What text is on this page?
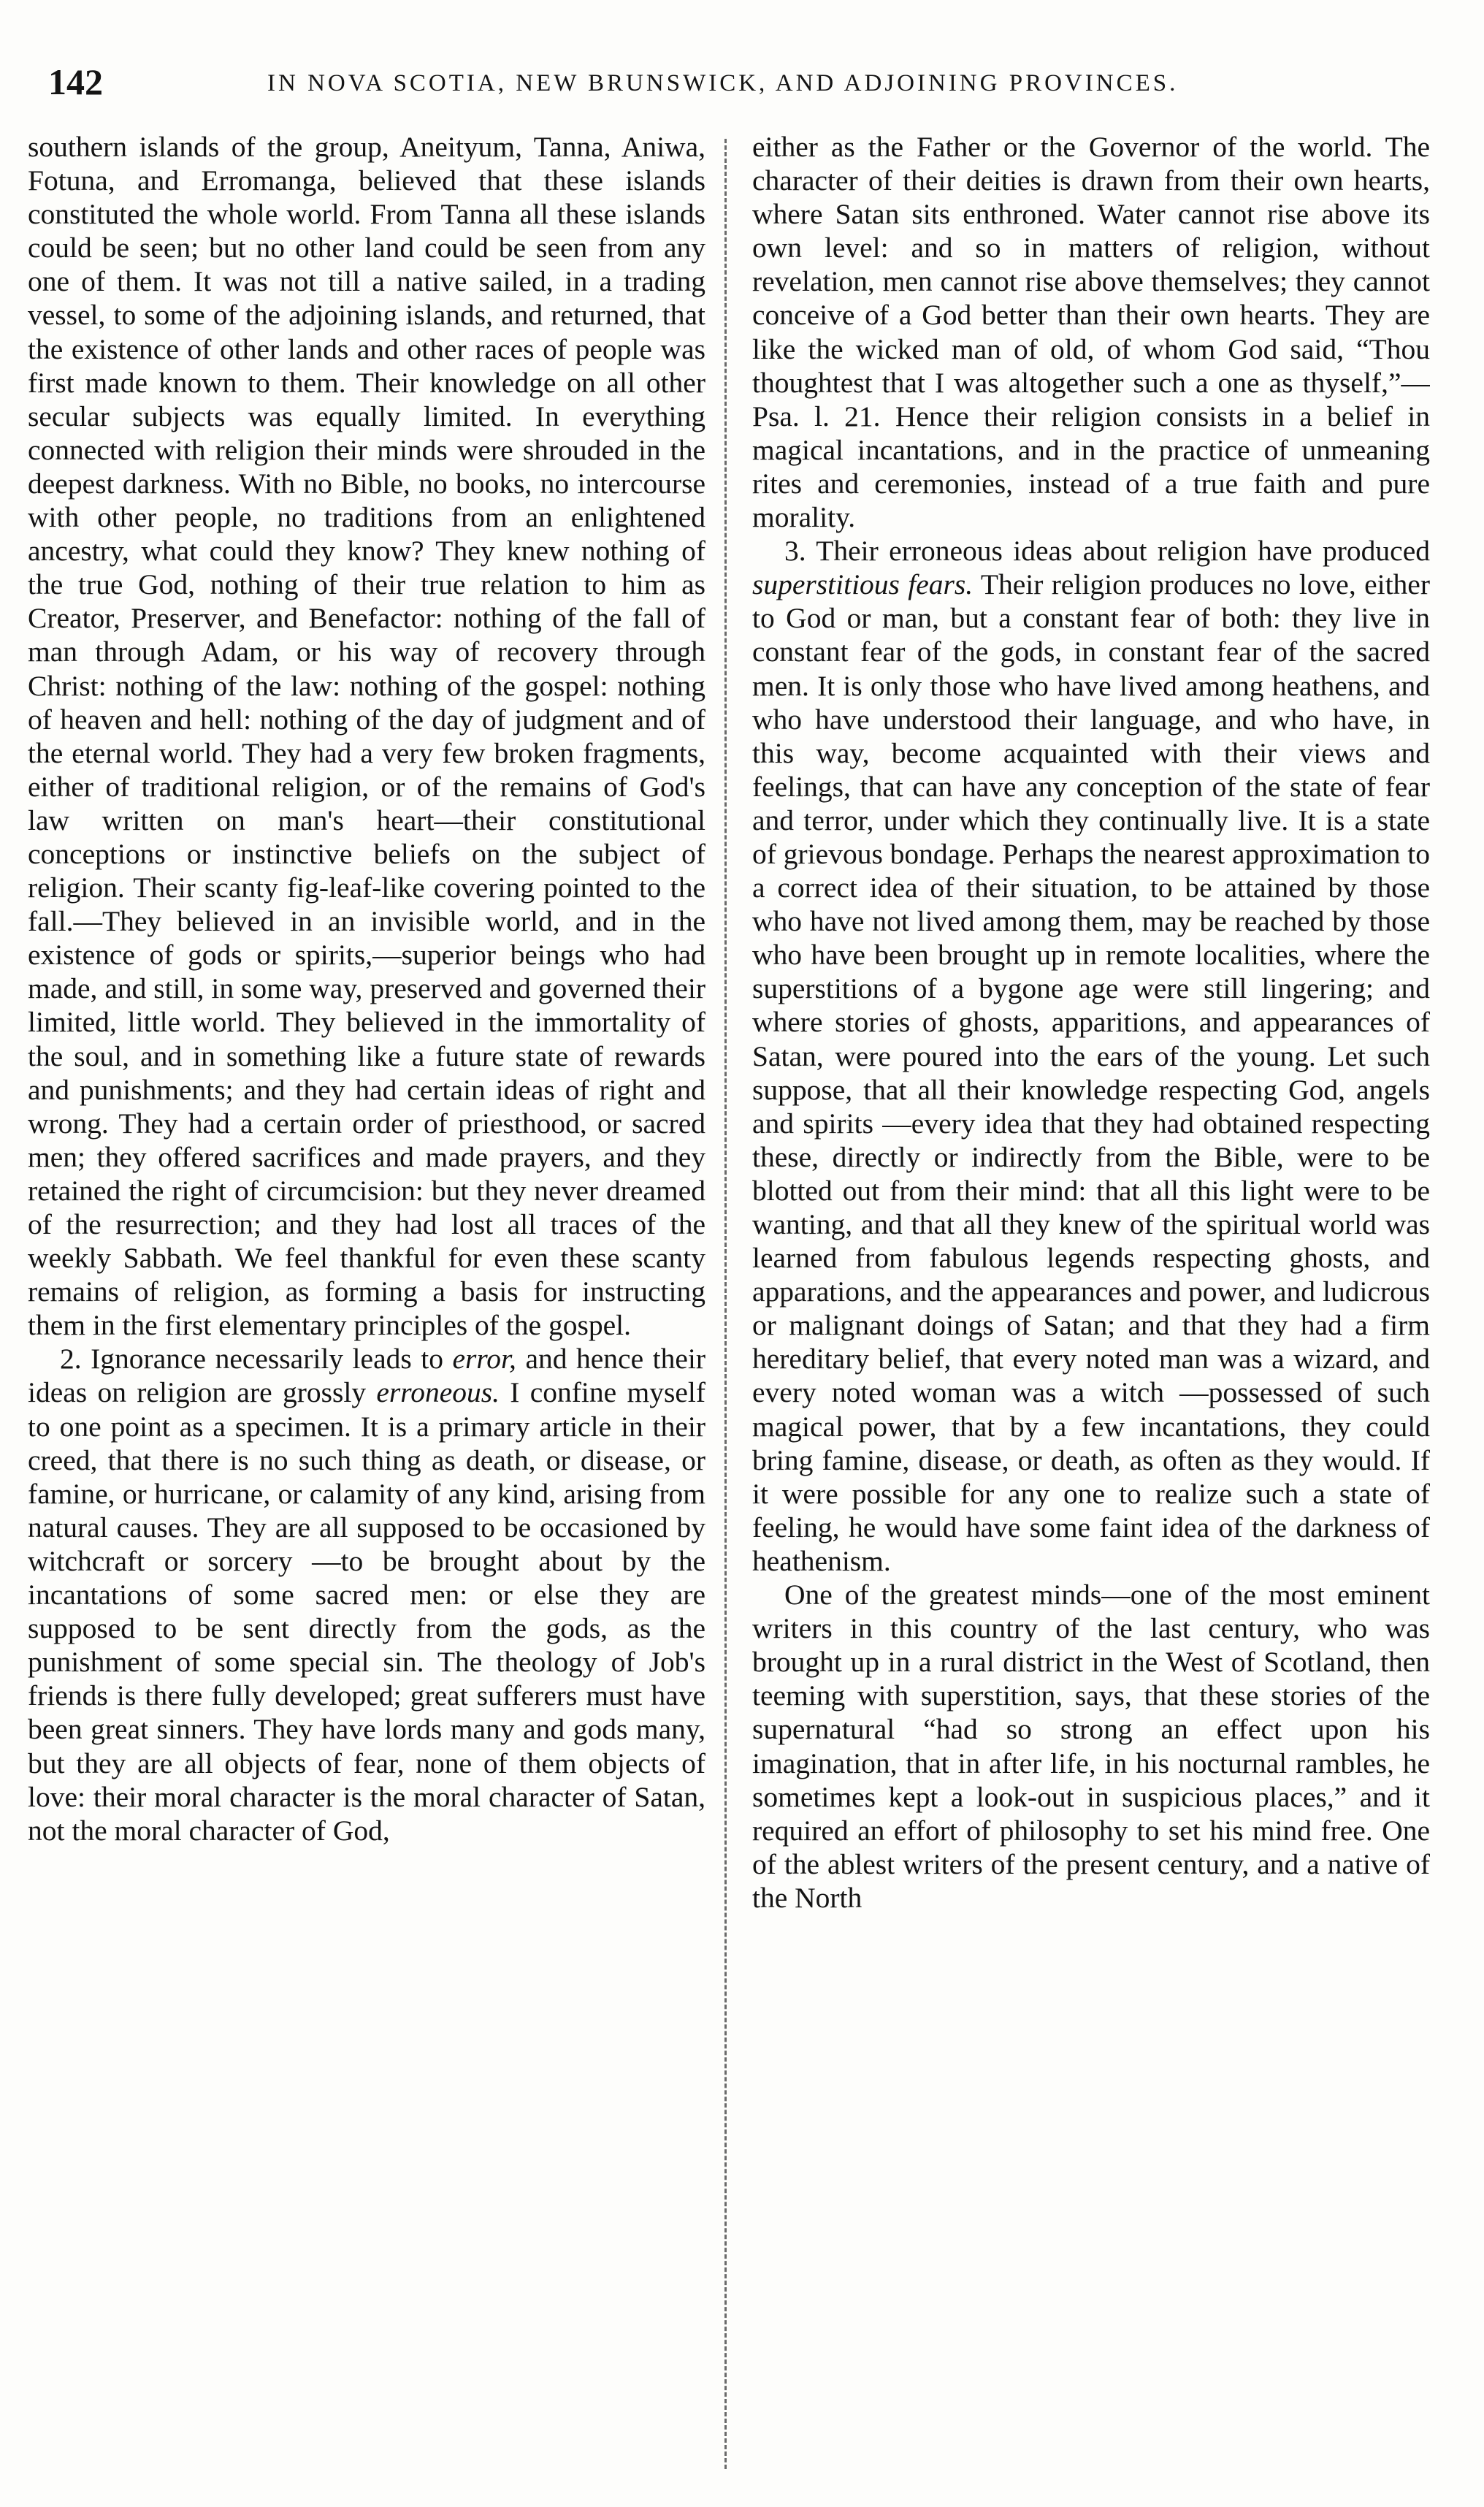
142	IN NOVA SCOTIA, NEW BRUNSWICK, AND ADJOINING PROVINCES.

southern islands of the group, Aneityum, Tanna, Aniwa, Fotuna, and Erromanga, believed that these islands constituted the whole world. From Tanna all these islands could be seen; but no other land could be seen from any one of them. It was not till a native sailed, in a trading vessel, to some of the adjoining islands, and returned, that the existence of other lands and other races of people was first made known to them. Their knowledge on all other secular subjects was equally limited. In everything connected with religion their minds were shrouded in the deepest darkness. With no Bible, no books, no intercourse with other people, no traditions from an enlightened ancestry, what could they know? They knew nothing of the true God, nothing of their true relation to him as Creator, Preserver, and Benefactor: nothing of the fall of man through Adam, or his way of recovery through Christ: nothing of the law: nothing of the gospel: nothing of heaven and hell: nothing of the day of judgment and of the eternal world. They had a very few broken fragments, either of traditional religion, or of the remains of God's law written on man's heart—their constitutional conceptions or instinctive beliefs on the subject of religion. Their scanty fig-leaf-like covering pointed to the fall.—They believed in an invisible world, and in the existence of gods or spirits,—superior beings who had made, and still, in some way, preserved and governed their limited, little world. They believed in the immortality of the soul, and in something like a future state of rewards and punishments; and they had certain ideas of right and wrong. They had a certain order of priesthood, or sacred men; they offered sacrifices and made prayers, and they retained the right of circumcision: but they never dreamed of the resurrection; and they had lost all traces of the weekly Sabbath. We feel thankful for even these scanty remains of religion, as forming a basis for instructing them in the first elementary principles of the gospel.

2. Ignorance necessarily leads to error, and hence their ideas on religion are grossly erroneous. I confine myself to one point as a specimen. It is a primary article in their creed, that there is no such thing as death, or disease, or famine, or hurricane, or calamity of any kind, arising from natural causes. They are all supposed to be occasioned by witchcraft or sorcery —to be brought about by the incantations of some sacred men: or else they are supposed to be sent directly from the gods, as the punishment of some special sin. The theology of Job's friends is there fully developed; great sufferers must have been great sinners. They have lords many and gods many, but they are all objects of fear, none of them objects of love: their moral character is the moral character of Satan, not the moral character of God,

either as the Father or the Governor of the world. The character of their deities is drawn from their own hearts, where Satan sits enthroned. Water cannot rise above its own level: and so in matters of religion, without revelation, men cannot rise above themselves; they cannot conceive of a God better than their own hearts. They are like the wicked man of old, of whom God said, “Thou thoughtest that I was altogether such a one as thyself,”—Psa. l. 21. Hence their religion consists in a belief in magical incantations, and in the practice of unmeaning rites and ceremonies, instead of a true faith and pure morality.

3. Their erroneous ideas about religion have produced superstitious fears. Their religion produces no love, either to God or man, but a constant fear of both: they live in constant fear of the gods, in constant fear of the sacred men. It is only those who have lived among heathens, and who have understood their language, and who have, in this way, become acquainted with their views and feelings, that can have any conception of the state of fear and terror, under which they continually live. It is a state of grievous bondage. Perhaps the nearest approximation to a correct idea of their situation, to be attained by those who have not lived among them, may be reached by those who have been brought up in remote localities, where the superstitions of a bygone age were still lingering; and where stories of ghosts, apparitions, and appearances of Satan, were poured into the ears of the young. Let such suppose, that all their knowledge respecting God, angels and spirits —every idea that they had obtained respecting these, directly or indirectly from the Bible, were to be blotted out from their mind: that all this light were to be wanting, and that all they knew of the spiritual world was learned from fabulous legends respecting ghosts, and apparations, and the appearances and power, and ludicrous or malignant doings of Satan; and that they had a firm hereditary belief, that every noted man was a wizard, and every noted woman was a witch —possessed of such magical power, that by a few incantations, they could bring famine, disease, or death, as often as they would. If it were possible for any one to realize such a state of feeling, he would have some faint idea of the darkness of heathenism.

One of the greatest minds—one of the most eminent writers in this country of the last century, who was brought up in a rural district in the West of Scotland, then teeming with superstition, says, that these stories of the supernatural “had so strong an effect upon his imagination, that in after life, in his nocturnal rambles, he sometimes kept a look-out in suspicious places,” and it required an effort of philosophy to set his mind free. One of the ablest writers of the present century, and a native of the North
